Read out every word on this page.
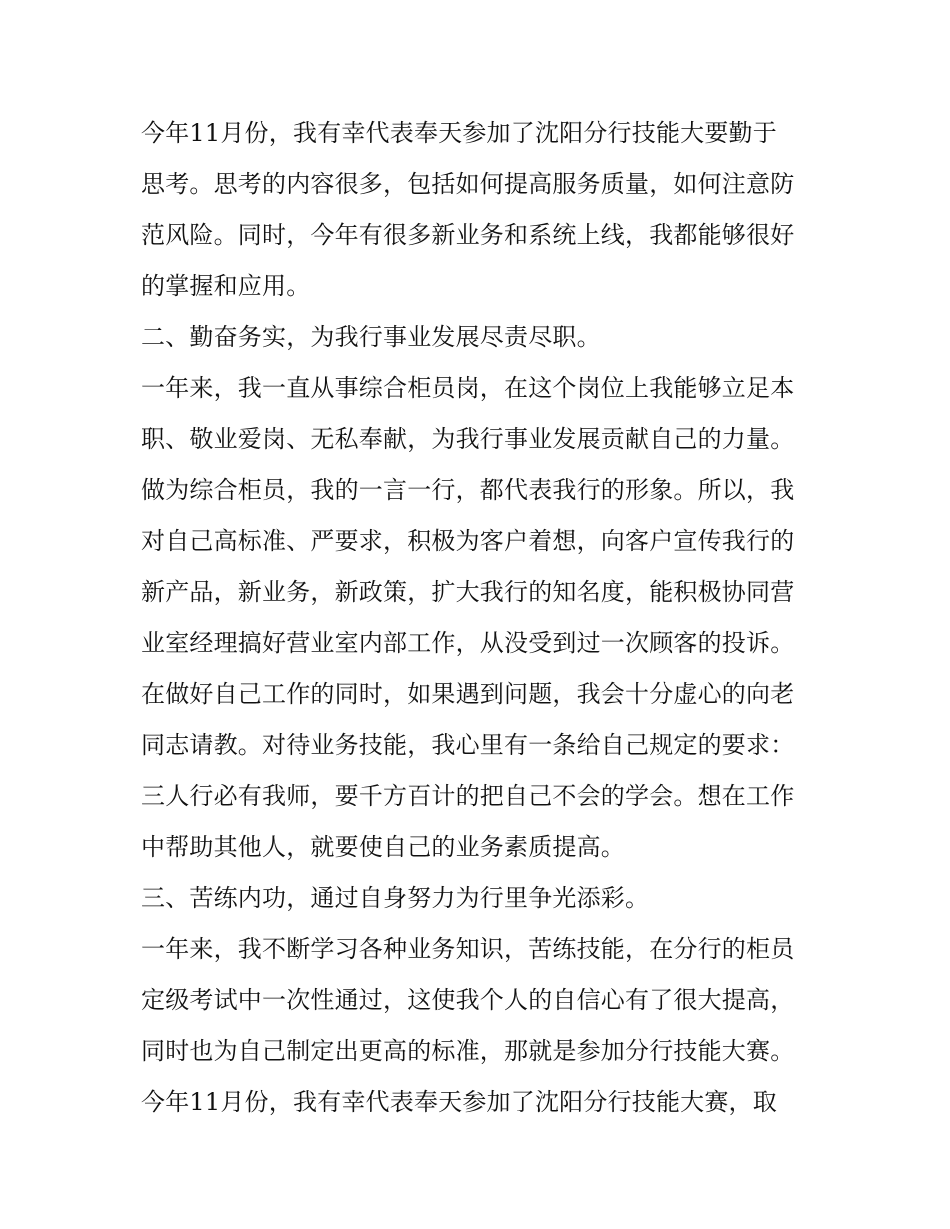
今年11月份，我有幸代表奉天参加了沈阳分行技能大要勤于
思考。思考的内容很多，包括如何提高服务质量，如何注意防
范风险。同时，今年有很多新业务和系统上线，我都能够很好
的掌握和应用。
二、勤奋务实，为我行事业发展尽责尽职。
一年来，我一直从事综合柜员岗，在这个岗位上我能够立足本
职、敬业爱岗、无私奉献，为我行事业发展贡献自己的力量。
做为综合柜员，我的一言一行，都代表我行的形象。所以，我
对自己高标准、严要求，积极为客户着想，向客户宣传我行的
新产品，新业务，新政策，扩大我行的知名度，能积极协同营
业室经理搞好营业室内部工作，从没受到过一次顾客的投诉。
在做好自己工作的同时，如果遇到问题，我会十分虚心的向老
同志请教。对待业务技能，我心里有一条给自己规定的要求：
三人行必有我师，要千方百计的把自己不会的学会。想在工作
中帮助其他人，就要使自己的业务素质提高。
三、苦练内功，通过自身努力为行里争光添彩。
一年来，我不断学习各种业务知识，苦练技能，在分行的柜员
定级考试中一次性通过，这使我个人的自信心有了很大提高，
同时也为自己制定出更高的标准，那就是参加分行技能大赛。
今年11月份，我有幸代表奉天参加了沈阳分行技能大赛，取
